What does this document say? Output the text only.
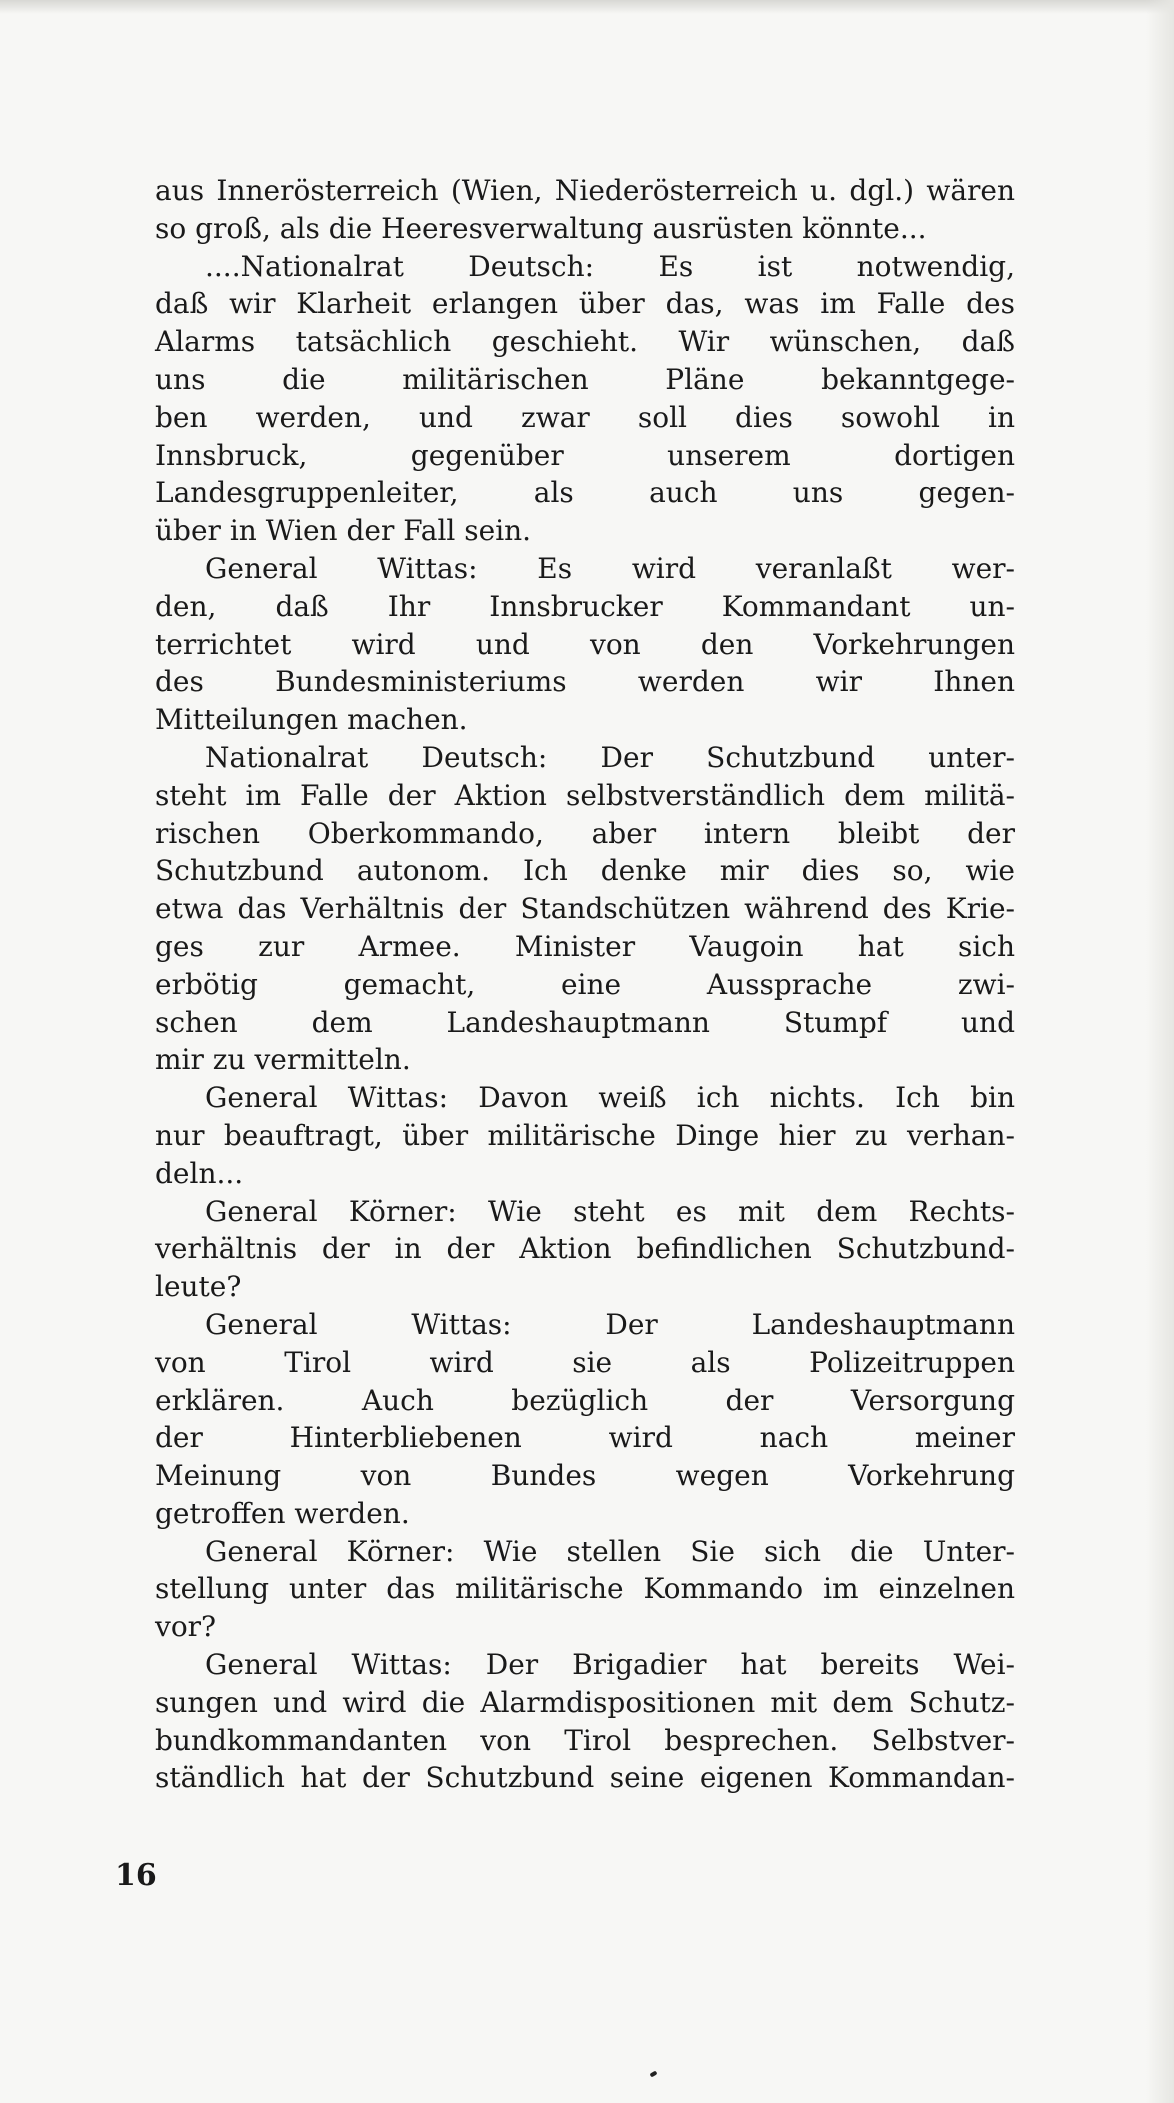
aus Innerösterreich (Wien, Niederösterreich u. dgl.) wären
so groß, als die Heeresverwaltung ausrüsten könnte...
....Nationalrat Deutsch: Es ist notwendig,
daß wir Klarheit erlangen über das, was im Falle des
Alarms tatsächlich geschieht. Wir wünschen, daß
uns die militärischen Pläne bekanntgege-
ben werden, und zwar soll dies sowohl in
Innsbruck, gegenüber unserem dortigen
Landesgruppenleiter, als auch uns gegen-
über in Wien der Fall sein.
General Wittas: Es wird veranlaßt wer-
den, daß Ihr Innsbrucker Kommandant un-
terrichtet wird und von den Vorkehrungen
des Bundesministeriums werden wir Ihnen
Mitteilungen machen.
Nationalrat Deutsch: Der Schutzbund unter-
steht im Falle der Aktion selbstverständlich dem militä-
rischen Oberkommando, aber intern bleibt der
Schutzbund autonom. Ich denke mir dies so, wie
etwa das Verhältnis der Standschützen während des Krie-
ges zur Armee. Minister Vaugoin hat sich
erbötig gemacht, eine Aussprache zwi-
schen dem Landeshauptmann Stumpf und
mir zu vermitteln.
General Wittas: Davon weiß ich nichts. Ich bin
nur beauftragt, über militärische Dinge hier zu verhan-
deln...
General Körner: Wie steht es mit dem Rechts-
verhältnis der in der Aktion befindlichen Schutzbund-
leute?
General Wittas: Der Landeshauptmann
von Tirol wird sie als Polizeitruppen
erklären. Auch bezüglich der Versorgung
der Hinterbliebenen wird nach meiner
Meinung von Bundes wegen Vorkehrung
getroffen werden.
General Körner: Wie stellen Sie sich die Unter-
stellung unter das militärische Kommando im einzelnen
vor?
General Wittas: Der Brigadier hat bereits Wei-
sungen und wird die Alarmdispositionen mit dem Schutz-
bundkommandanten von Tirol besprechen. Selbstver-
ständlich hat der Schutzbund seine eigenen Kommandan-
16
